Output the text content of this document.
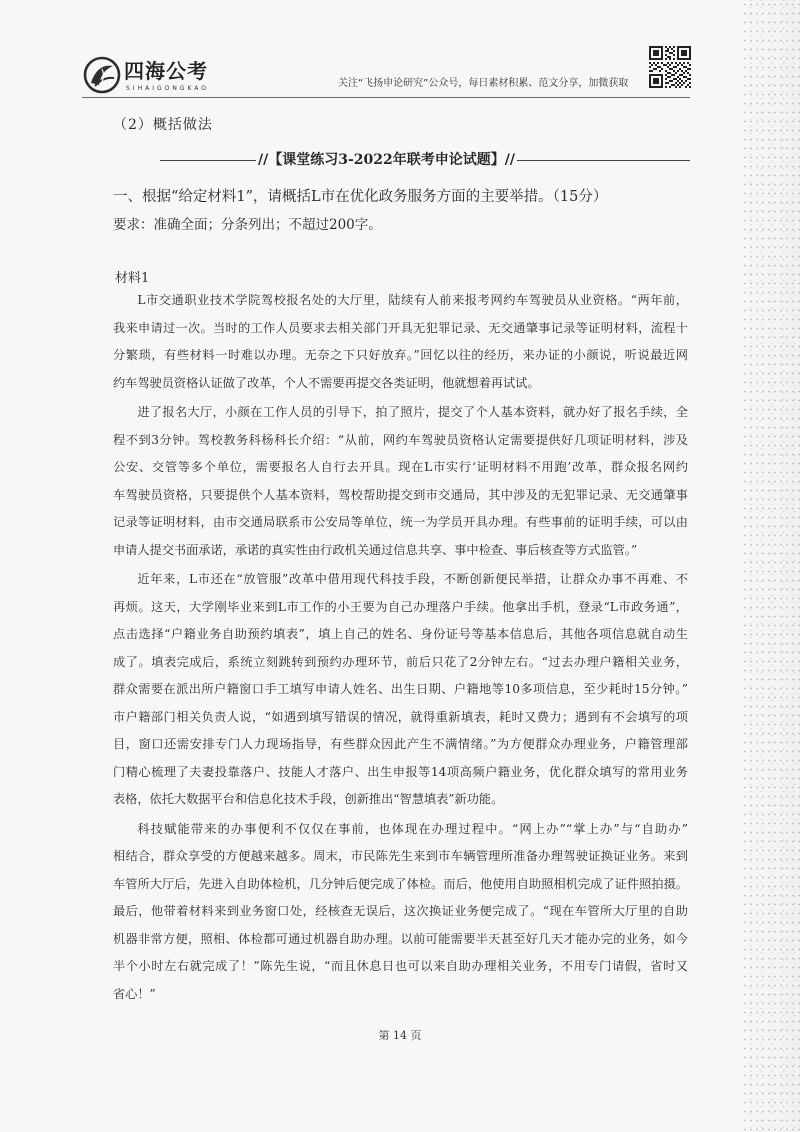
四海公考
SIHAIGONGKAO	关注“飞扬申论研究”公众号，每日素材积累、范文分享，加微获取
（2）概括做法
//【课堂练习3-2022年联考申论试题】//
一、根据“给定材料1”，请概括L市在优化政务服务方面的主要举措。（15分）
要求：准确全面；分条列出；不超过200字。
材料1
L市交通职业技术学院驾校报名处的大厅里，陆续有人前来报考网约车驾驶员从业资格。“两年前，
我来申请过一次。当时的工作人员要求去相关部门开具无犯罪记录、无交通肇事记录等证明材料，流程十
分繁琐，有些材料一时难以办理。无奈之下只好放弃。”回忆以往的经历，来办证的小颜说，听说最近网
约车驾驶员资格认证做了改革，个人不需要再提交各类证明，他就想着再试试。
进了报名大厅，小颜在工作人员的引导下，拍了照片，提交了个人基本资料，就办好了报名手续，全
程不到3分钟。驾校教务科杨科长介绍：“从前，网约车驾驶员资格认定需要提供好几项证明材料，涉及
公安、交管等多个单位，需要报名人自行去开具。现在L市实行‘证明材料不用跑’改革，群众报名网约
车驾驶员资格，只要提供个人基本资料，驾校帮助提交到市交通局，其中涉及的无犯罪记录、无交通肇事
记录等证明材料，由市交通局联系市公安局等单位，统一为学员开具办理。有些事前的证明手续，可以由
申请人提交书面承诺，承诺的真实性由行政机关通过信息共享、事中检查、事后核查等方式监管。”
近年来，L市还在“放管服”改革中借用现代科技手段，不断创新便民举措，让群众办事不再难、不
再烦。这天，大学刚毕业来到L市工作的小王要为自己办理落户手续。他拿出手机，登录“L市政务通”，
点击选择“户籍业务自助预约填表”，填上自己的姓名、身份证号等基本信息后，其他各项信息就自动生
成了。填表完成后，系统立刻跳转到预约办理环节，前后只花了2分钟左右。“过去办理户籍相关业务，
群众需要在派出所户籍窗口手工填写申请人姓名、出生日期、户籍地等10多项信息，至少耗时15分钟。”
市户籍部门相关负责人说，“如遇到填写错误的情况，就得重新填表，耗时又费力；遇到有不会填写的项
目，窗口还需安排专门人力现场指导，有些群众因此产生不满情绪。”为方便群众办理业务，户籍管理部
门精心梳理了夫妻投靠落户、技能人才落户、出生申报等14项高频户籍业务，优化群众填写的常用业务
表格，依托大数据平台和信息化技术手段，创新推出“智慧填表”新功能。
科技赋能带来的办事便利不仅仅在事前，也体现在办理过程中。“网上办”“掌上办”与“自助办”
相结合，群众享受的方便越来越多。周末，市民陈先生来到市车辆管理所准备办理驾驶证换证业务。来到
车管所大厅后，先进入自助体检机，几分钟后便完成了体检。而后，他使用自助照相机完成了证件照拍摄。
最后，他带着材料来到业务窗口处，经核查无误后，这次换证业务便完成了。“现在车管所大厅里的自助
机器非常方便，照相、体检都可通过机器自助办理。以前可能需要半天甚至好几天才能办完的业务，如今
半个小时左右就完成了！”陈先生说，“而且休息日也可以来自助办理相关业务，不用专门请假，省时又
省心！”
第 14 页
